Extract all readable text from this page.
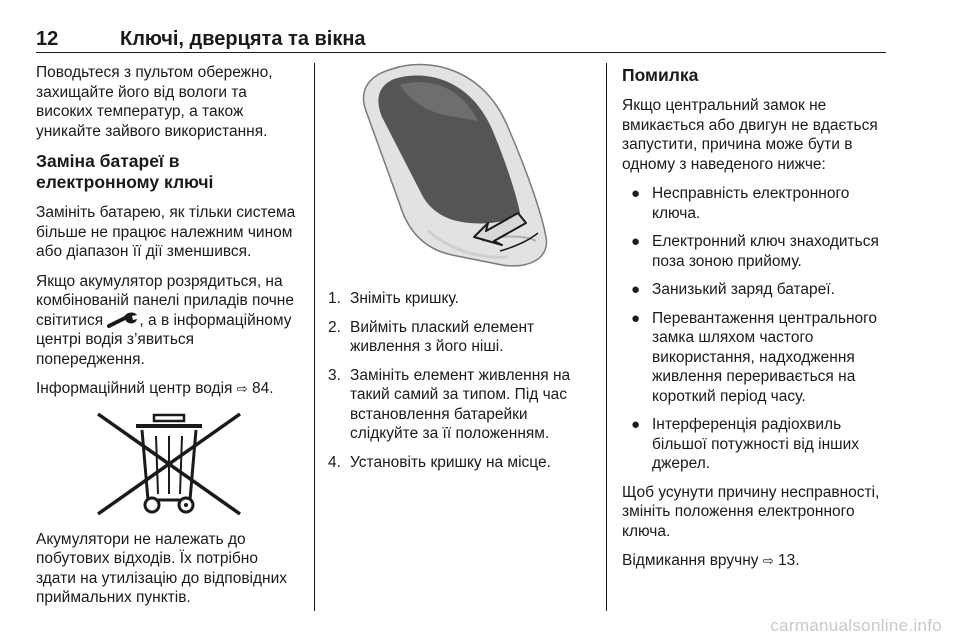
12	Ключі, дверцята та вікна

Поводьтеся з пультом обережно, захищайте його від вологи та високих температур, а також уникайте зайвого використання.

Заміна батареї в електронному ключі

Замініть батарею, як тільки система більше не працює належним чином або діапазон її дії зменшився.

Якщо акумулятор розрядиться, на комбінованій панелі приладів почне світитися , а в інформаційному центрі водія з’явиться попередження.

Інформаційний центр водія ⇨ 84.

Акумулятори не належать до побутових відходів. Їх потрібно здати на утилізацію до відповідних приймальних пунктів.

1. Зніміть кришку.
2. Вийміть плаский елемент живлення з його ніші.
3. Замініть елемент живлення на такий самий за типом. Під час встановлення батарейки слідкуйте за її положенням.
4. Установіть кришку на місце.
Помилка

Якщо центральний замок не вмикається або двигун не вдається запустити, причина може бути в одному з наведеного нижче:

● Несправність електронного ключа.
● Електронний ключ знаходиться поза зоною прийому.
● Занизький заряд батареї.
● Перевантаження центрального замка шляхом частого використання, надходження живлення переривається на короткий період часу.
● Інтерференція радіохвиль більшої потужності від інших джерел.

Щоб усунути причину несправності, змініть положення електронного ключа.

Відмикання вручну ⇨ 13.

carmanualsonline.info
